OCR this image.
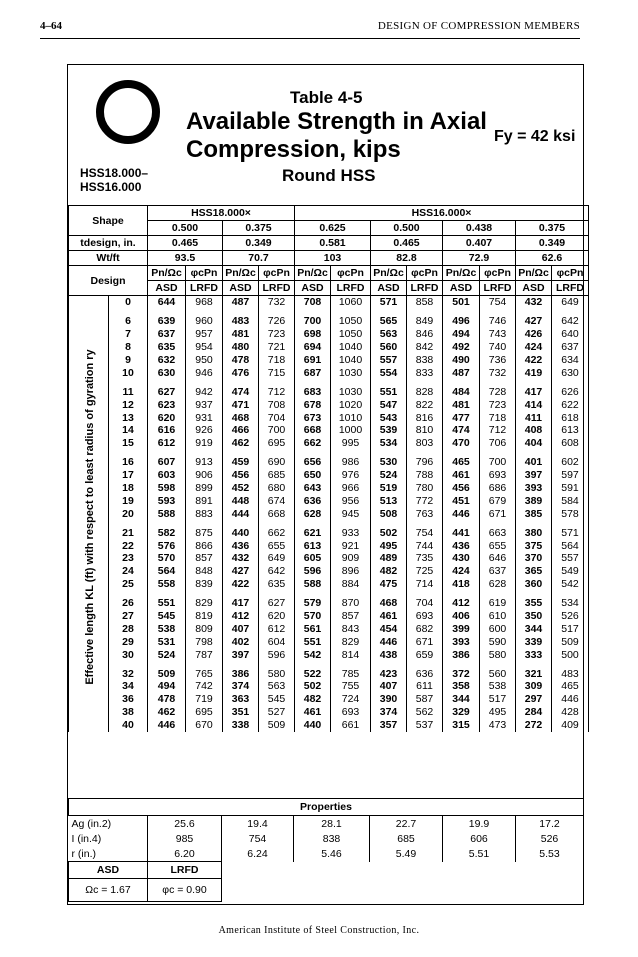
4–64	DESIGN OF COMPRESSION MEMBERS
Table 4-5
Available Strength in Axial Compression, kips	Fy = 42 ksi
Round HSS
HSS18.000–
HSS16.000
Shape		HSS18.000×				HSS16.000×							
		0.500		0.375		0.625		0.500		0.438		0.375	
tdesign, in.		0.465		0.349		0.581		0.465		0.407		0.349	
Wt/ft		93.5		70.7		103		82.8		72.9		62.6	
Design		Pn/Ωc	φcPn	Pn/Ωc	φcPn	Pn/Ωc	φcPn	Pn/Ωc	φcPn	Pn/Ωc	φcPn	Pn/Ωc	φcPn
		ASD	LRFD	ASD	LRFD	ASD	LRFD	ASD	LRFD	ASD	LRFD	ASD	LRFD
	0	644	968	487	732	708	1060	571	858	501	754	432	649
	6	639	960	483	726	700	1050	565	849	496	746	427	642
	7	637	957	481	723	698	1050	563	846	494	743	426	640
	8	635	954	480	721	694	1040	560	842	492	740	424	637
	9	632	950	478	718	691	1040	557	838	490	736	422	634
	10	630	946	476	715	687	1030	554	833	487	732	419	630
	11	627	942	474	712	683	1030	551	828	484	728	417	626
	12	623	937	471	708	678	1020	547	822	481	723	414	622
	13	620	931	468	704	673	1010	543	816	477	718	411	618
	14	616	926	466	700	668	1000	539	810	474	712	408	613
	15	612	919	462	695	662	995	534	803	470	706	404	608
	16	607	913	459	690	656	986	530	796	465	700	401	602
	17	603	906	456	685	650	976	524	788	461	693	397	597
	18	598	899	452	680	643	966	519	780	456	686	393	591
	19	593	891	448	674	636	956	513	772	451	679	389	584
	20	588	883	444	668	628	945	508	763	446	671	385	578
	21	582	875	440	662	621	933	502	754	441	663	380	571
	22	576	866	436	655	613	921	495	744	436	655	375	564
	23	570	857	432	649	605	909	489	735	430	646	370	557
	24	564	848	427	642	596	896	482	725	424	637	365	549
	25	558	839	422	635	588	884	475	714	418	628	360	542
	26	551	829	417	627	579	870	468	704	412	619	355	534
	27	545	819	412	620	570	857	461	693	406	610	350	526
	28	538	809	407	612	561	843	454	682	399	600	344	517
	29	531	798	402	604	551	829	446	671	393	590	339	509
	30	524	787	397	596	542	814	438	659	386	580	333	500
	32	509	765	386	580	522	785	423	636	372	560	321	483
	34	494	742	374	563	502	755	407	611	358	538	309	465
	36	478	719	363	545	482	724	390	587	344	517	297	446
	38	462	695	351	527	461	693	374	562	329	495	284	428
	40	446	670	338	509	440	661	357	537	315	473	272	409
Effective length KL (ft) with respect to least radius of gyration ry
American Institute of Steel Construction, Inc.
Properties						
Ag (in.2)	25.6	19.4	28.1	22.7	19.9	17.2
I (in.4)	985	754	838	685	606	526
r (in.)	6.20	6.24	5.46	5.49	5.51	5.53
ASD	LRFD					
Ωc = 1.67	φc = 0.90					
